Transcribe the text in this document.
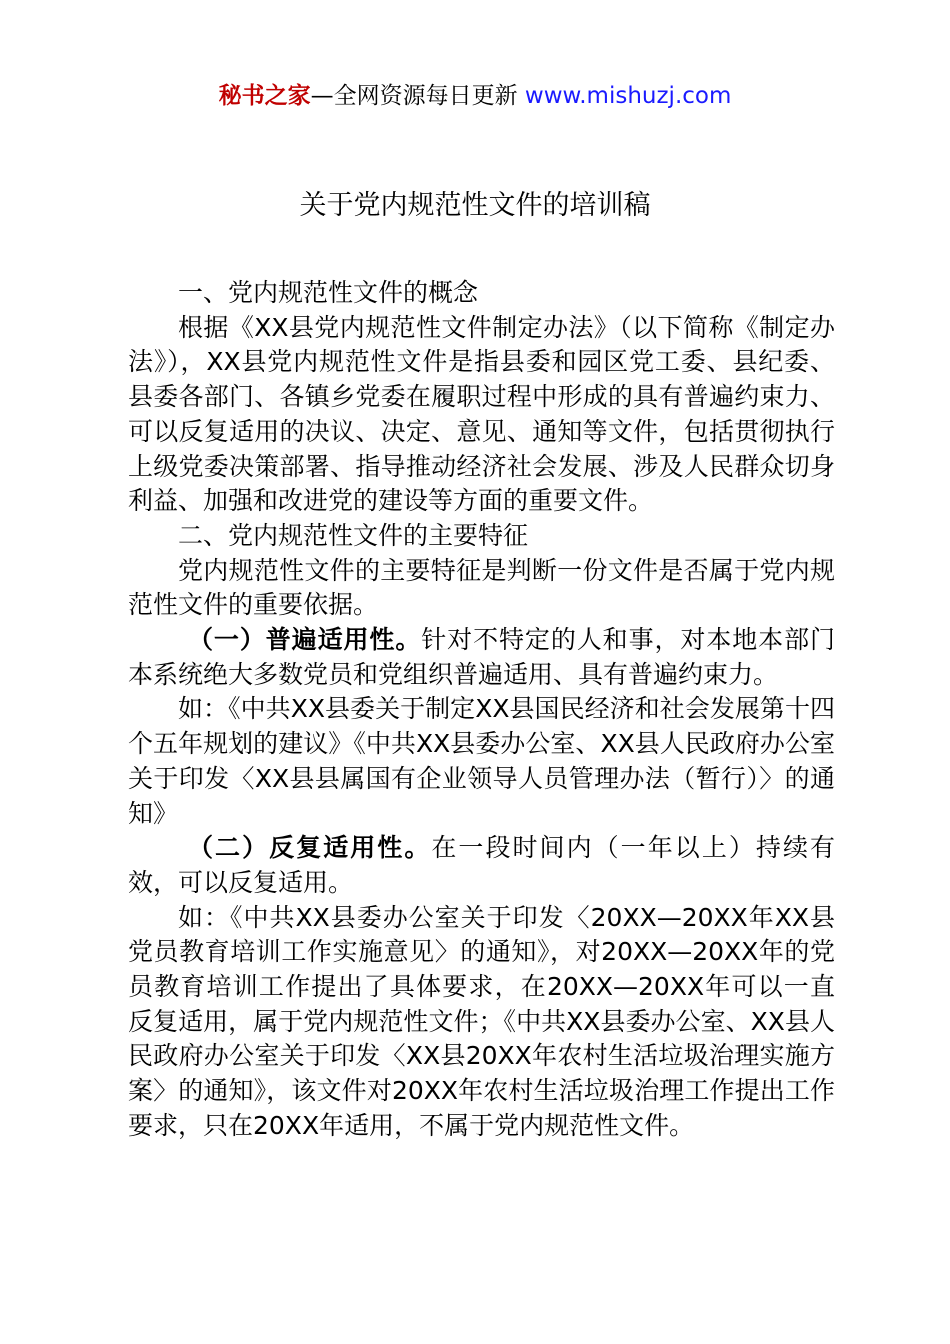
秘书之家—全网资源每日更新 www.mishuzj.com
关于党内规范性文件的培训稿

一、党内规范性文件的概念

根据《XX县党内规范性文件制定办法》（以下简称《制定办法》），XX县党内规范性文件是指县委和园区党工委、县纪委、县委各部门、各镇乡党委在履职过程中形成的具有普遍约束力、可以反复适用的决议、决定、意见、通知等文件，包括贯彻执行上级党委决策部署、指导推动经济社会发展、涉及人民群众切身利益、加强和改进党的建设等方面的重要文件。

二、党内规范性文件的主要特征

党内规范性文件的主要特征是判断一份文件是否属于党内规范性文件的重要依据。

（一）普遍适用性。针对不特定的人和事，对本地本部门本系统绝大多数党员和党组织普遍适用、具有普遍约束力。

如：《中共XX县委关于制定XX县国民经济和社会发展第十四个五年规划的建议》《中共XX县委办公室、XX县人民政府办公室关于印发〈XX县县属国有企业领导人员管理办法（暂行）〉的通知》

（二）反复适用性。在一段时间内（一年以上）持续有效，可以反复适用。

如：《中共XX县委办公室关于印发〈20XX—20XX年XX县党员教育培训工作实施意见〉的通知》，对20XX—20XX年的党员教育培训工作提出了具体要求，在20XX—20XX年可以一直反复适用，属于党内规范性文件；《中共XX县委办公室、XX县人民政府办公室关于印发〈XX县20XX年农村生活垃圾治理实施方案〉的通知》，该文件对20XX年农村生活垃圾治理工作提出工作要求，只在20XX年适用，不属于党内规范性文件。
